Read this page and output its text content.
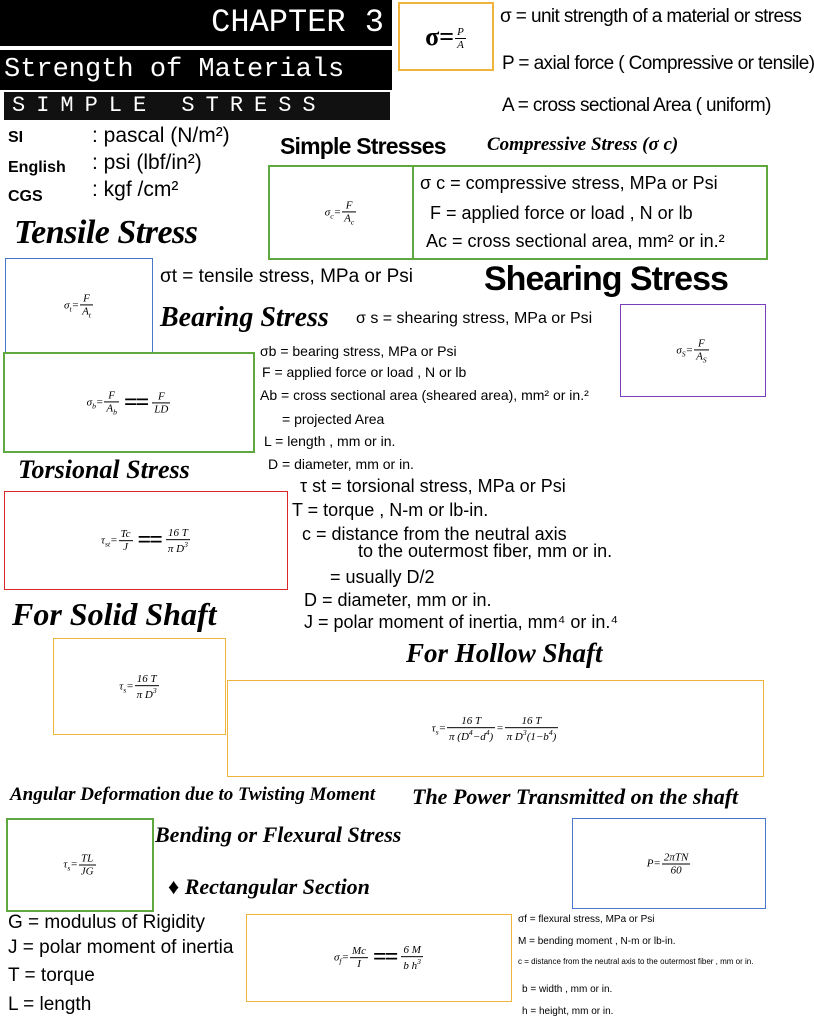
CHAPTER 3
Strength of Materials
SIMPLE STRESS
SI	: pascal (N/m²)
English : psi (lbf/in²)
CGS : kgf /cm²
$\sigma= \frac{P}{A}$
σ = unit strength of a material or stress
P = axial force ( Compressive or tensile)
A = cross sectional Area ( uniform)
Simple Stresses Compressive Stress (σ c)
$\sigma_c= \frac{F}{A_c}$
σ c = compressive stress, MPa or Psi
F = applied force or load , N or lb
Ac = cross sectional area, mm² or in.²
Tensile Stress
$\sigma_t= \frac{F}{A_t}$
σt = tensile stress, MPa or Psi Shearing Stress
$\sigma_S= \frac{F}{A_S}$
Bearing Stress σ s = shearing stress, MPa or Psi
$\sigma_b= \frac{F}{A_b} == \frac{F}{LD}$
σb = bearing stress, MPa or Psi
F = applied force or load , N or lb
Ab = cross sectional area (sheared area), mm² or in.²
= projected Area
L = length , mm or in.
D = diameter, mm or in.
Torsional Stress
$\tau_{st}= \frac{Tc}{J} == \frac{16 T}{\pi D^3}$
τ st = torsional stress, MPa or Psi
T = torque , N-m or lb-in.
c = distance from the neutral axis
to the outermost fiber, mm or in.
= usually D/2
D = diameter, mm or in.
J = polar moment of inertia, mm⁴ or in.⁴
For Solid Shaft
$\tau_s= \frac{16 T}{\pi D^3}$
For Hollow Shaft
$\tau_s= \frac{16 T}{\pi (D^4-d^4)} = \frac{16 T}{\pi D^3(1-b^4)}$
Angular Deformation due to Twisting Moment The Power Transmitted on the shaft
$\tau_s= \frac{TL}{JG}$
Bending or Flexural Stress
$P= \frac{\text{2πTN}}{60}$
♦ Rectangular Section
G = modulus of Rigidity
J = polar moment of inertia
T = torque
L = length
$\sigma_f= \frac{Mc}{I} == \frac{6 M}{b h^3}$
σf = flexural stress, MPa or Psi
M = bending moment , N-m or lb-in.
c = distance from the neutral axis to the outermost fiber , mm or in.
b = width , mm or in.
h = height, mm or in.
